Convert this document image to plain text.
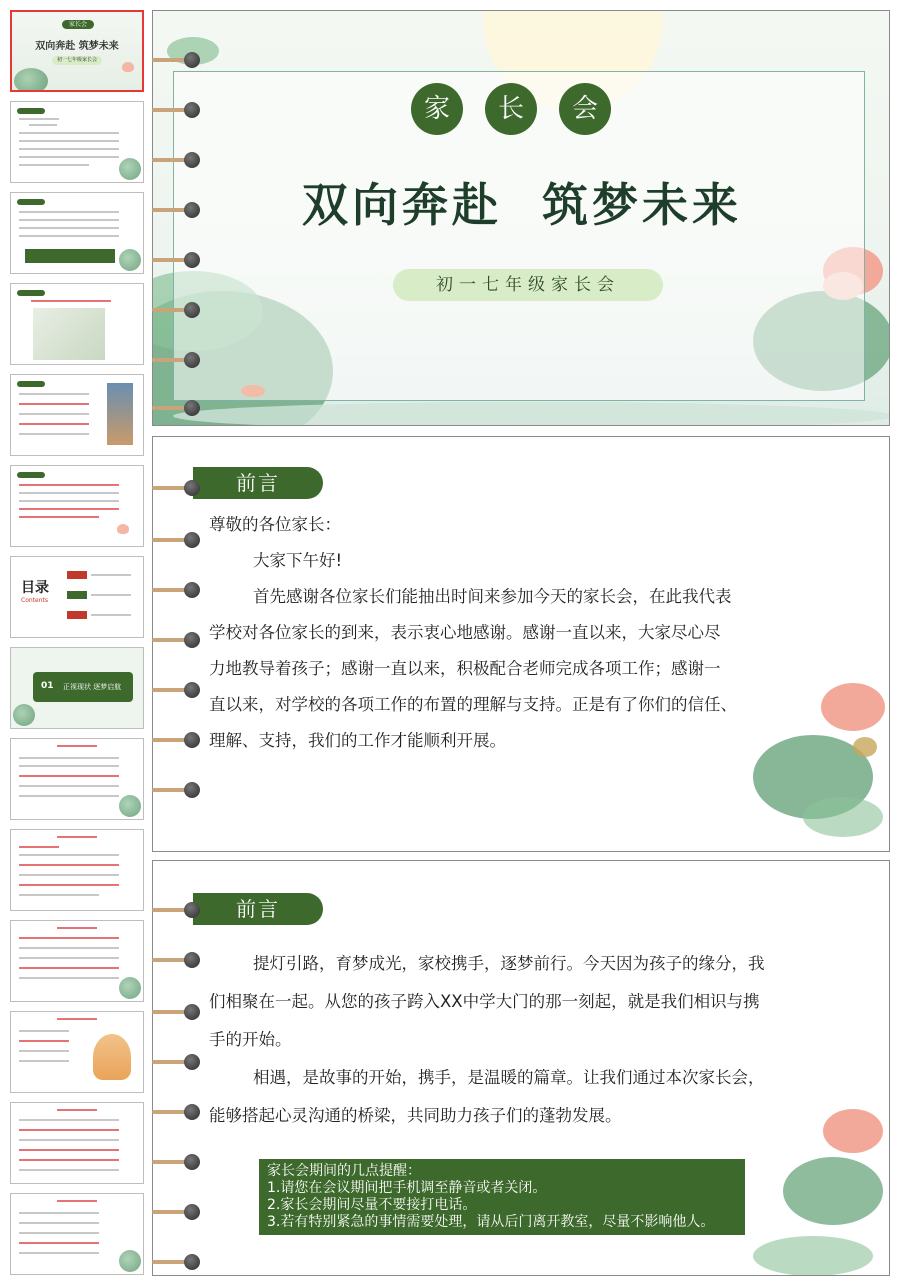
家长会
双向奔赴 筑梦未来
初一七年级家长会
目录
Contents
01 正视现状 逐梦启航
家	长	会
双向奔赴  筑梦未来
初一七年级家长会
前言
尊敬的各位家长：
大家下午好!
首先感谢各位家长们能抽出时间来参加今天的家长会，在此我代表
学校对各位家长的到来，表示衷心地感谢。感谢一直以来，大家尽心尽
力地教导着孩子；感谢一直以来，积极配合老师完成各项工作；感谢一
直以来，对学校的各项工作的布置的理解与支持。正是有了你们的信任、
理解、支持，我们的工作才能顺利开展。
前言
提灯引路，育梦成光，家校携手，逐梦前行。今天因为孩子的缘分，我
们相聚在一起。从您的孩子跨入XX中学大门的那一刻起，就是我们相识与携
手的开始。
相遇，是故事的开始，携手，是温暖的篇章。让我们通过本次家长会，
能够搭起心灵沟通的桥梁，共同助力孩子们的蓬勃发展。
家长会期间的几点提醒：
1.请您在会议期间把手机调至静音或者关闭。
2.家长会期间尽量不要接打电话。
3.若有特别紧急的事情需要处理，请从后门离开教室，尽量不影响他人。
